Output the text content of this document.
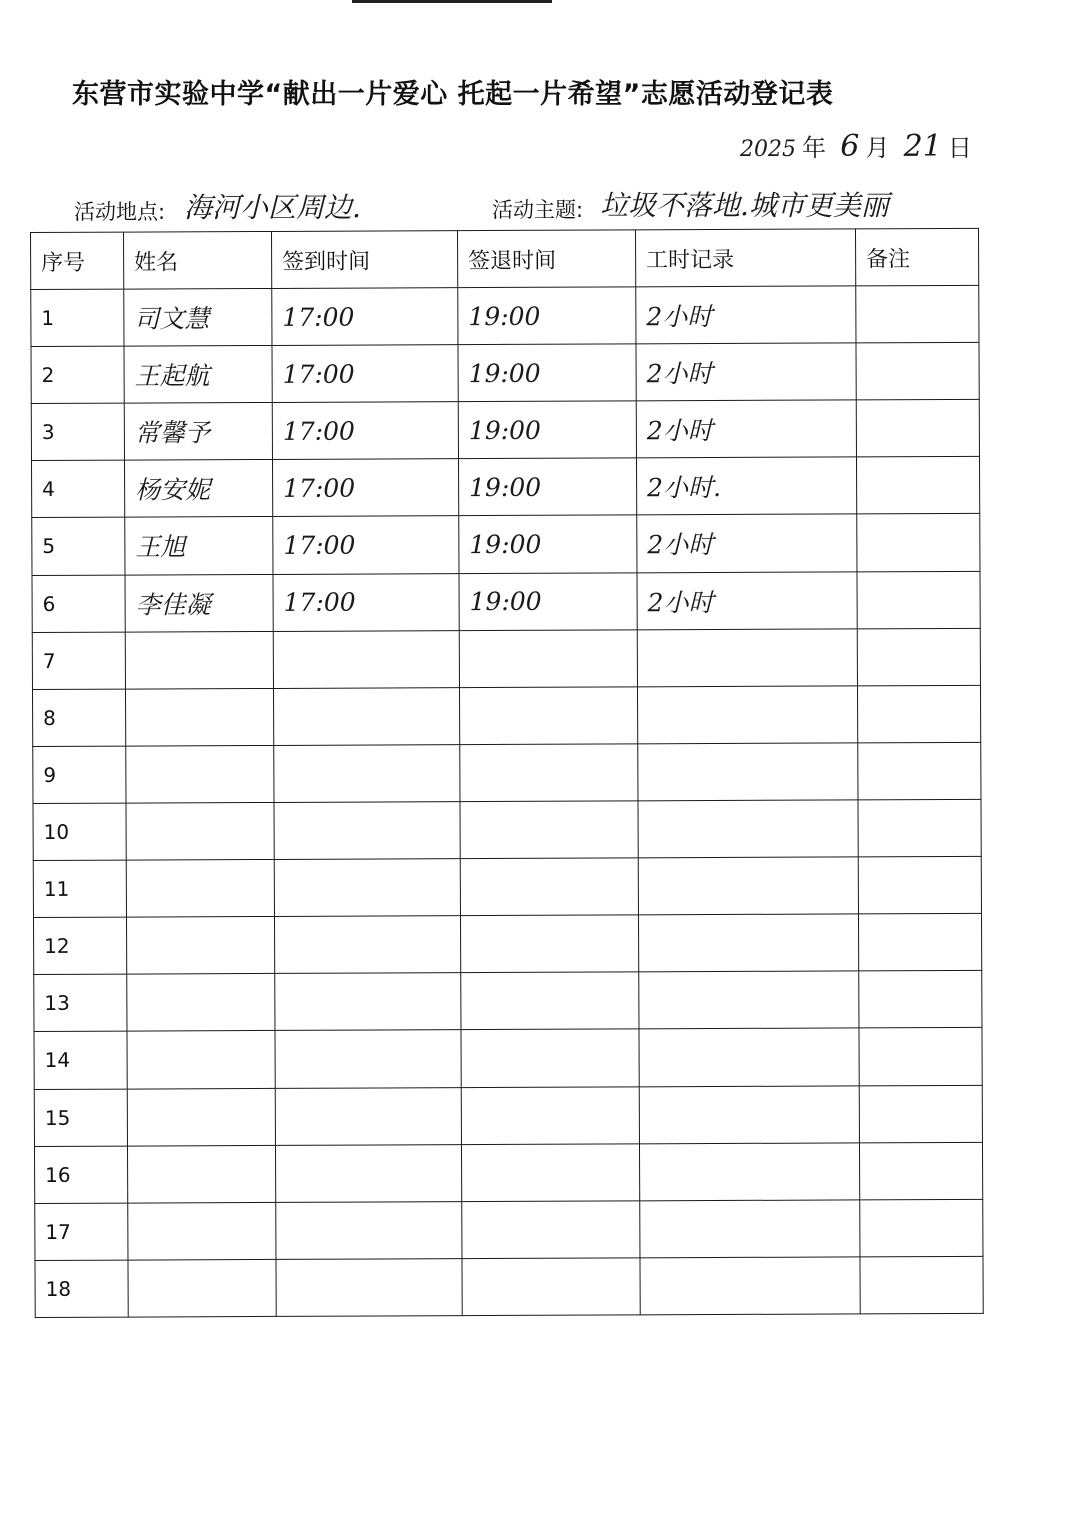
东营市实验中学“献出一片爱心 托起一片希望”志愿活动登记表
2025 年 6 月 21 日
活动地点: 海河小区周边.	活动主题: 垃圾不落地.城市更美丽
序号	姓名	签到时间	签退时间	工时记录	备注
1	司文慧	17:00	19:00	2小时	
2	王起航	17:00	19:00	2小时	
3	常馨予	17:00	19:00	2小时	
4	杨安妮	17:00	19:00	2小时.	
5	王旭	17:00	19:00	2小时	
6	李佳凝	17:00	19:00	2小时	
7					
8					
9					
10					
11					
12					
13					
14					
15					
16					
17					
18					
